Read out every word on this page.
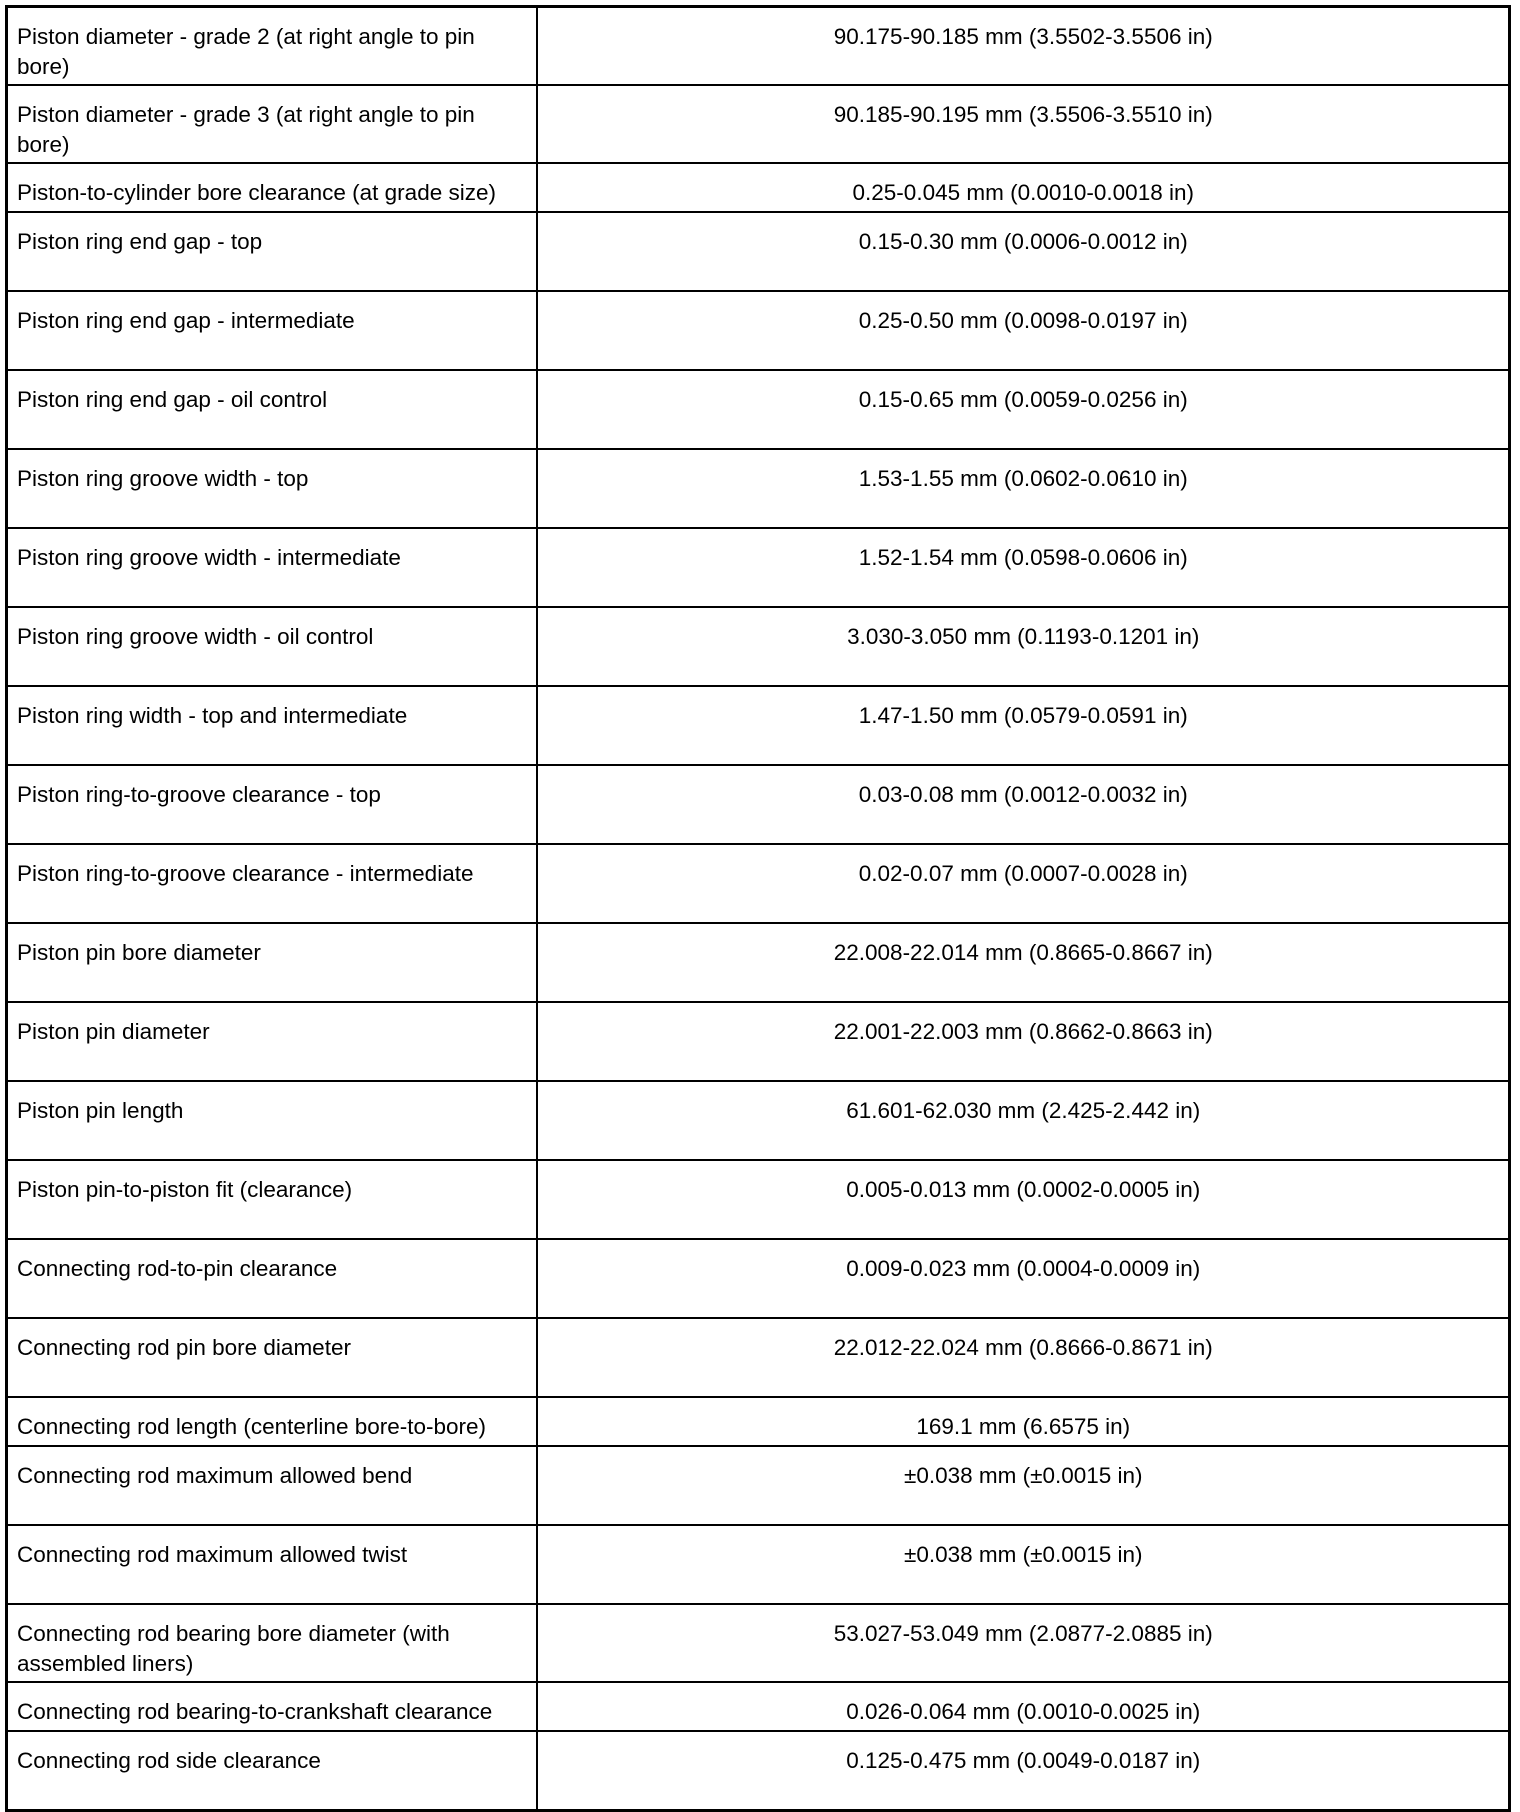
Piston diameter - grade 2 (at right angle to pin bore)	90.175-90.185 mm (3.5502-3.5506 in)
Piston diameter - grade 3 (at right angle to pin bore)	90.185-90.195 mm (3.5506-3.5510 in)
Piston-to-cylinder bore clearance (at grade size)	0.25-0.045 mm (0.0010-0.0018 in)
Piston ring end gap - top	0.15-0.30 mm (0.0006-0.0012 in)
Piston ring end gap - intermediate	0.25-0.50 mm (0.0098-0.0197 in)
Piston ring end gap - oil control	0.15-0.65 mm (0.0059-0.0256 in)
Piston ring groove width - top	1.53-1.55 mm (0.0602-0.0610 in)
Piston ring groove width - intermediate	1.52-1.54 mm (0.0598-0.0606 in)
Piston ring groove width - oil control	3.030-3.050 mm (0.1193-0.1201 in)
Piston ring width - top and intermediate	1.47-1.50 mm (0.0579-0.0591 in)
Piston ring-to-groove clearance - top	0.03-0.08 mm (0.0012-0.0032 in)
Piston ring-to-groove clearance - intermediate	0.02-0.07 mm (0.0007-0.0028 in)
Piston pin bore diameter	22.008-22.014 mm (0.8665-0.8667 in)
Piston pin diameter	22.001-22.003 mm (0.8662-0.8663 in)
Piston pin length	61.601-62.030 mm (2.425-2.442 in)
Piston pin-to-piston fit (clearance)	0.005-0.013 mm (0.0002-0.0005 in)
Connecting rod-to-pin clearance	0.009-0.023 mm (0.0004-0.0009 in)
Connecting rod pin bore diameter	22.012-22.024 mm (0.8666-0.8671 in)
Connecting rod length (centerline bore-to-bore)	169.1 mm (6.6575 in)
Connecting rod maximum allowed bend	±0.038 mm (±0.0015 in)
Connecting rod maximum allowed twist	±0.038 mm (±0.0015 in)
Connecting rod bearing bore diameter (with assembled liners)	53.027-53.049 mm (2.0877-2.0885 in)
Connecting rod bearing-to-crankshaft clearance	0.026-0.064 mm (0.0010-0.0025 in)
Connecting rod side clearance	0.125-0.475 mm (0.0049-0.0187 in)
